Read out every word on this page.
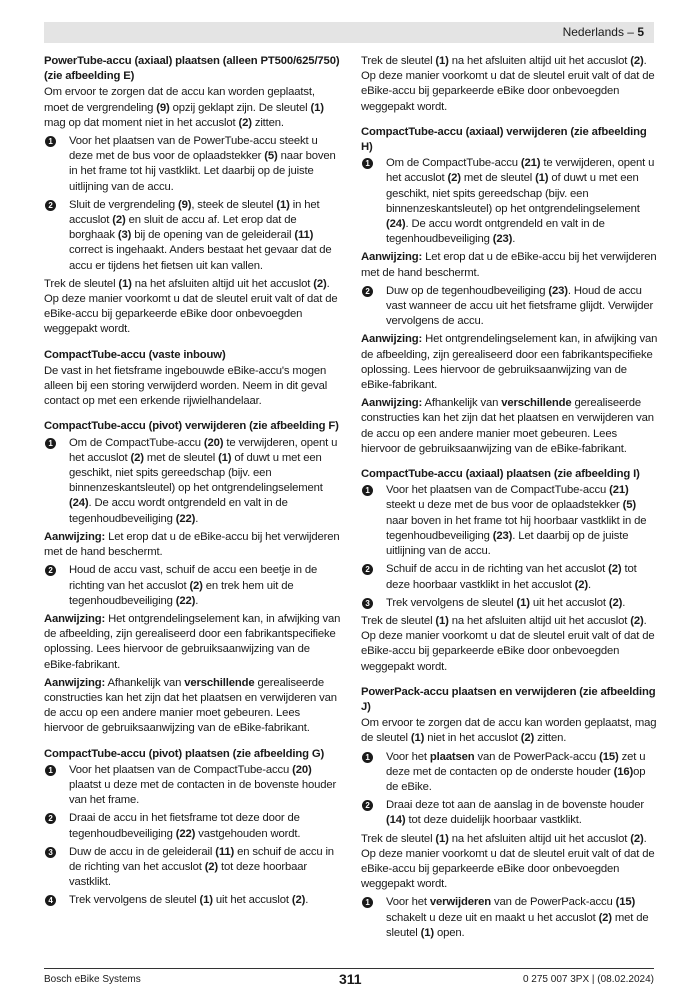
Nederlands – 5
PowerTube-accu (axiaal) plaatsen (alleen PT500/625/750) (zie afbeelding E)
Om ervoor te zorgen dat de accu kan worden geplaatst, moet de vergrendeling (9) opzij geklapt zijn. De sleutel (1) mag op dat moment niet in het accuslot (2) zitten.
1 Voor het plaatsen van de PowerTube-accu steekt u deze met de bus voor de oplaadstekker (5) naar boven in het frame tot hij vastklikt. Let daarbij op de juiste uitlijning van de accu.
2 Sluit de vergrendeling (9), steek de sleutel (1) in het accuslot (2) en sluit de accu af. Let erop dat de borghaak (3) bij de opening van de geleiderail (11) correct is ingehaakt. Anders bestaat het gevaar dat de accu er tijdens het fietsen uit kan vallen.
Trek de sleutel (1) na het afsluiten altijd uit het accuslot (2). Op deze manier voorkomt u dat de sleutel eruit valt of dat de eBike-accu bij geparkeerde eBike door onbevoegden weggepakt wordt.
CompactTube-accu (vaste inbouw)
De vast in het fietsframe ingebouwde eBike-accu's mogen alleen bij een storing verwijderd worden. Neem in dit geval contact op met een erkende rijwielhandelaar.
CompactTube-accu (pivot) verwijderen (zie afbeelding F)
1 Om de CompactTube-accu (20) te verwijderen, opent u het accuslot (2) met de sleutel (1) of duwt u met een geschikt, niet spits gereedschap (bijv. een binnenzeskantsleutel) op het ontgrendelingselement (24). De accu wordt ontgrendeld en valt in de tegenhoudbeveiliging (22).
Aanwijzing: Let erop dat u de eBike-accu bij het verwijderen met de hand beschermt.
2 Houd de accu vast, schuif de accu een beetje in de richting van het accuslot (2) en trek hem uit de tegenhoudbeveiliging (22).
Aanwijzing: Het ontgrendelingselement kan, in afwijking van de afbeelding, zijn gerealiseerd door een fabrikantspecifieke oplossing. Lees hiervoor de gebruiksaanwijzing van de eBike-fabrikant.
Aanwijzing: Afhankelijk van verschillende gerealiseerde constructies kan het zijn dat het plaatsen en verwijderen van de accu op een andere manier moet gebeuren. Lees hiervoor de gebruiksaanwijzing van de eBike-fabrikant.
CompactTube-accu (pivot) plaatsen (zie afbeelding G)
1 Voor het plaatsen van de CompactTube-accu (20) plaatst u deze met de contacten in de bovenste houder van het frame.
2 Draai de accu in het fietsframe tot deze door de tegenhoudbeveiliging (22) vastgehouden wordt.
3 Duw de accu in de geleiderail (11) en schuif de accu in de richting van het accuslot (2) tot deze hoorbaar vastklikt.
4 Trek vervolgens de sleutel (1) uit het accuslot (2).
Trek de sleutel (1) na het afsluiten altijd uit het accuslot (2). Op deze manier voorkomt u dat de sleutel eruit valt of dat de eBike-accu bij geparkeerde eBike door onbevoegden weggepakt wordt.
CompactTube-accu (axiaal) verwijderen (zie afbeelding H)
1 Om de CompactTube-accu (21) te verwijderen, opent u het accuslot (2) met de sleutel (1) of duwt u met een geschikt, niet spits gereedschap (bijv. een binnenzeskantsleutel) op het ontgrendelingselement (24). De accu wordt ontgrendeld en valt in de tegenhoudbeveiliging (23).
Aanwijzing: Let erop dat u de eBike-accu bij het verwijderen met de hand beschermt.
2 Duw op de tegenhoudbeveiliging (23). Houd de accu vast wanneer de accu uit het fietsframe glijdt. Verwijder vervolgens de accu.
Aanwijzing: Het ontgrendelingselement kan, in afwijking van de afbeelding, zijn gerealiseerd door een fabrikantspecifieke oplossing. Lees hiervoor de gebruiksaanwijzing van de eBike-fabrikant.
Aanwijzing: Afhankelijk van verschillende gerealiseerde constructies kan het zijn dat het plaatsen en verwijderen van de accu op een andere manier moet gebeuren. Lees hiervoor de gebruiksaanwijzing van de eBike-fabrikant.
CompactTube-accu (axiaal) plaatsen (zie afbeelding I)
1 Voor het plaatsen van de CompactTube-accu (21) steekt u deze met de bus voor de oplaadstekker (5) naar boven in het frame tot hij hoorbaar vastklikt in de tegenhoudbeveiliging (23). Let daarbij op de juiste uitlijning van de accu.
2 Schuif de accu in de richting van het accuslot (2) tot deze hoorbaar vastklikt in het accuslot (2).
3 Trek vervolgens de sleutel (1) uit het accuslot (2).
Trek de sleutel (1) na het afsluiten altijd uit het accuslot (2). Op deze manier voorkomt u dat de sleutel eruit valt of dat de eBike-accu bij geparkeerde eBike door onbevoegden weggepakt wordt.
PowerPack-accu plaatsen en verwijderen (zie afbeelding J)
Om ervoor te zorgen dat de accu kan worden geplaatst, mag de sleutel (1) niet in het accuslot (2) zitten.
1 Voor het plaatsen van de PowerPack-accu (15) zet u deze met de contacten op de onderste houder (16)op de eBike.
2 Draai deze tot aan de aanslag in de bovenste houder (14) tot deze duidelijk hoorbaar vastklikt.
Trek de sleutel (1) na het afsluiten altijd uit het accuslot (2). Op deze manier voorkomt u dat de sleutel eruit valt of dat de eBike-accu bij geparkeerde eBike door onbevoegden weggepakt wordt.
1 Voor het verwijderen van de PowerPack-accu (15) schakelt u deze uit en maakt u het accuslot (2) met de sleutel (1) open.
Bosch eBike Systems	311	0 275 007 3PX | (08.02.2024)
